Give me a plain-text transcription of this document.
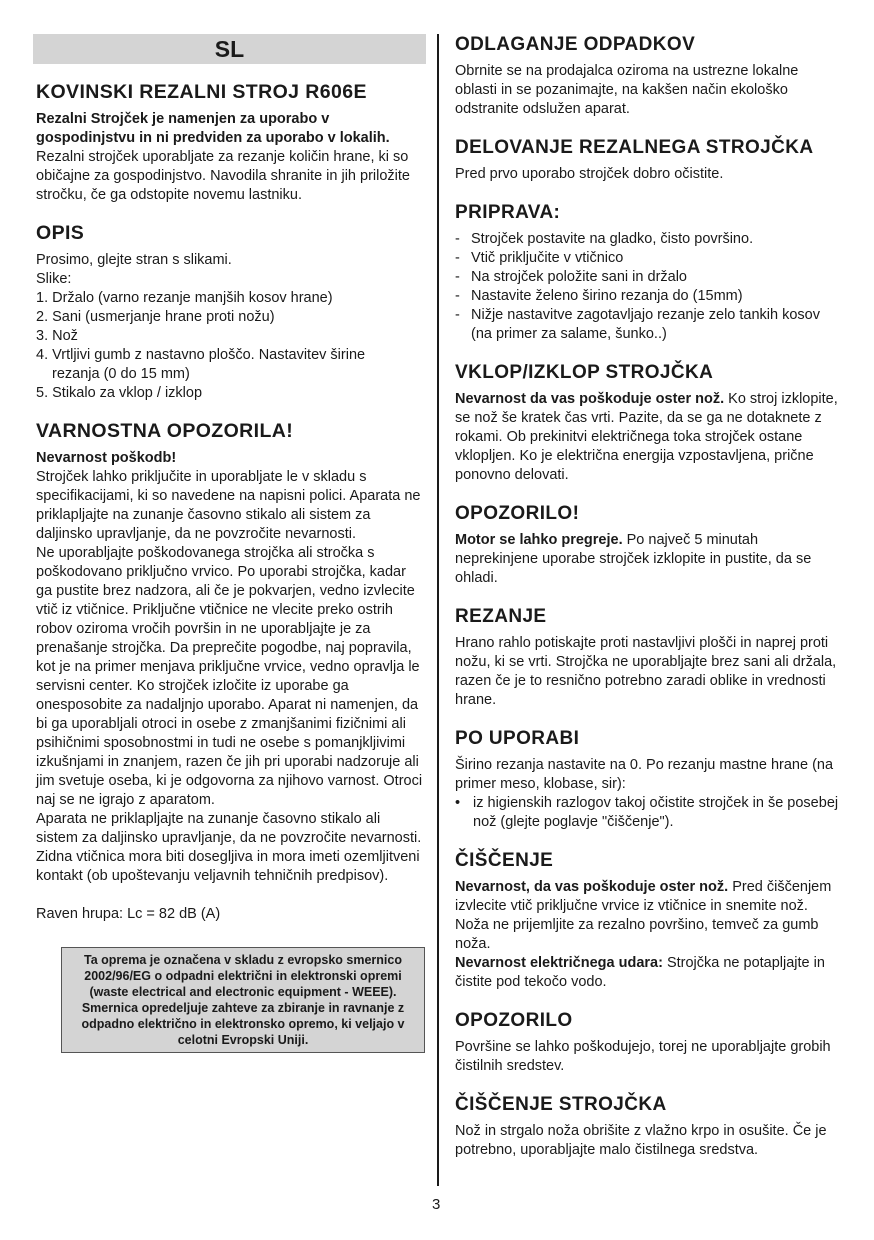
SL
KOVINSKI REZALNI STROJ R606E

Rezalni Strojček je namenjen za uporabo v gospodinjstvu in ni predviden za uporabo v lokalih.

Rezalni strojček uporabljate za rezanje količin hrane, ki so običajne za gospodinjstvo. Navodila shranite in jih priložite stročku, če ga odstopite novemu lastniku.

OPIS

Prosimo, glejte stran s slikami.

Slike:

1. Držalo (varno rezanje manjših kosov hrane)
2. Sani (usmerjanje hrane proti nožu)
3. Nož
4. Vrtljivi gumb z nastavno ploščo. Nastavitev širine
rezanja (0 do 15 mm)
5. Stikalo za vklop / izklop
VARNOSTNA OPOZORILA!

Nevarnost poškodb!

Strojček lahko priključite in uporabljate le v skladu s specifikacijami, ki so navedene na napisni polici. Aparata ne priklapljajte na zunanje časovno stikalo ali sistem za daljinsko upravljanje, da ne povzročite nevarnosti.

Ne uporabljajte poškodovanega strojčka ali stročka s poškodovano priključno vrvico. Po uporabi strojčka, kadar ga pustite brez nadzora, ali če je pokvarjen, vedno izvlecite vtič iz vtičnice. Priključne vtičnice ne vlecite preko ostrih robov oziroma vročih površin in ne uporabljajte je za prenašanje strojčka. Da preprečite pogodbe, naj popravila, kot je na primer menjava priključne vrvice, vedno opravlja le servisni center. Ko strojček izločite iz uporabe ga onesposobite za nadaljnjo uporabo. Aparat ni namenjen, da bi ga uporabljali otroci in osebe z zmanjšanimi fizičnimi ali psihičnimi sposobnostmi in tudi ne osebe s pomanjkljivimi izkušnjami in znanjem, razen če jih pri uporabi nadzoruje ali jim svetuje oseba, ki je odgovorna za njihovo varnost. Otroci naj se ne igrajo z aparatom.

Aparata ne priklapljajte na zunanje časovno stikalo ali sistem za daljinsko upravljanje, da ne povzročite nevarnosti.

Zidna vtičnica mora biti dosegljiva in mora imeti ozemljitveni kontakt (ob upoštevanju veljavnih tehničnih predpisov).

Raven hrupa: Lc = 82 dB (A)

Ta oprema je označena v skladu z evropsko smernico 2002/96/EG o odpadni električni in elektronski opremi (waste electrical and electronic equipment - WEEE). Smernica opredeljuje zahteve za zbiranje in ravnanje z odpadno električno in elektronsko opremo, ki veljajo v celotni Evropski Uniji.
ODLAGANJE ODPADKOV

Obrnite se na prodajalca oziroma na ustrezne lokalne oblasti in se pozanimajte, na kakšen način ekološko odstranite odslužen aparat.

DELOVANJE REZALNEGA STROJČKA

Pred prvo uporabo strojček dobro očistite.

PRIPRAVA:
- Strojček postavite na gladko, čisto površino.
- Vtič priključite v vtičnico
- Na strojček položite sani in držalo
- Nastavite želeno širino rezanja do (15mm)
- Nižje nastavitve zagotavljajo rezanje zelo tankih kosov (na primer za salame, šunko..)
VKLOP/IZKLOP STROJČKA

Nevarnost da vas poškoduje oster nož. Ko stroj izklopite, se nož še kratek čas vrti. Pazite, da se ga ne dotaknete z rokami. Ob prekinitvi električnega toka strojček ostane vklopljen. Ko je električna energija vzpostavljena, prične ponovno delovati.

OPOZORILO!

Motor se lahko pregreje. Po največ 5 minutah neprekinjene uporabe strojček izklopite in pustite, da se ohladi.

REZANJE

Hrano rahlo potiskajte proti nastavljivi plošči in naprej proti nožu, ki se vrti. Strojčka ne uporabljajte brez sani ali držala, razen če je to resnično potrebno zaradi oblike in vrednosti hrane.

PO UPORABI

Širino rezanja nastavite na 0. Po rezanju mastne hrane (na primer meso, klobase, sir):

• iz higienskih razlogov takoj očistite strojček in še posebej nož (glejte poglavje "čiščenje").
ČIŠČENJE

Nevarnost, da vas poškoduje oster nož. Pred čiščenjem izvlecite vtič priključne vrvice iz vtičnice in snemite nož. Noža ne prijemljite za rezalno površino, temveč za gumb noža.

Nevarnost električnega udara: Strojčka ne potapljajte in čistite pod tekočo vodo.

OPOZORILO

Površine se lahko poškodujejo, torej ne uporabljajte grobih čistilnih sredstev.

ČIŠČENJE STROJČKA

Nož in strgalo noža obrišite z vlažno krpo in osušite. Če je potrebno, uporabljajte malo čistilnega sredstva.

3
